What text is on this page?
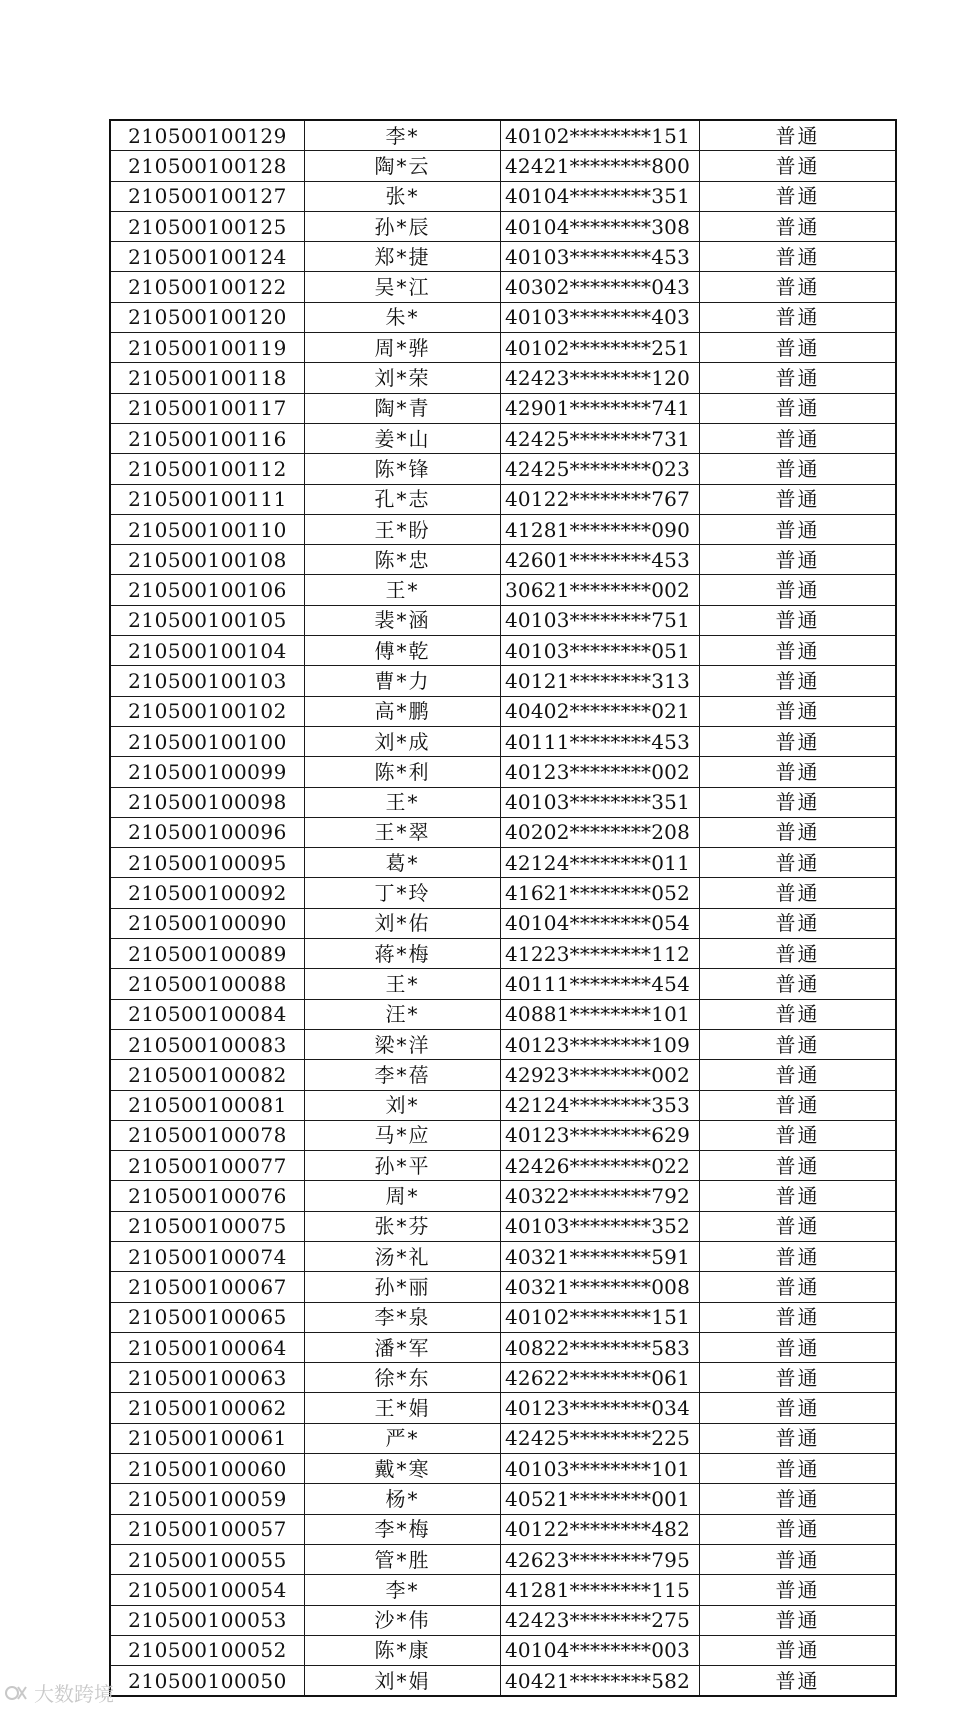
210500100129	李*	40102********151	普通
210500100128	陶*云	42421********800	普通
210500100127	张*	40104********351	普通
210500100125	孙*辰	40104********308	普通
210500100124	郑*捷	40103********453	普通
210500100122	吴*江	40302********043	普通
210500100120	朱*	40103********403	普通
210500100119	周*骅	40102********251	普通
210500100118	刘*荣	42423********120	普通
210500100117	陶*青	42901********741	普通
210500100116	姜*山	42425********731	普通
210500100112	陈*锋	42425********023	普通
210500100111	孔*志	40122********767	普通
210500100110	王*盼	41281********090	普通
210500100108	陈*忠	42601********453	普通
210500100106	王*	30621********002	普通
210500100105	裴*涵	40103********751	普通
210500100104	傅*乾	40103********051	普通
210500100103	曹*力	40121********313	普通
210500100102	高*鹏	40402********021	普通
210500100100	刘*成	40111********453	普通
210500100099	陈*利	40123********002	普通
210500100098	王*	40103********351	普通
210500100096	王*翠	40202********208	普通
210500100095	葛*	42124********011	普通
210500100092	丁*玲	41621********052	普通
210500100090	刘*佑	40104********054	普通
210500100089	蒋*梅	41223********112	普通
210500100088	王*	40111********454	普通
210500100084	汪*	40881********101	普通
210500100083	梁*洋	40123********109	普通
210500100082	李*蓓	42923********002	普通
210500100081	刘*	42124********353	普通
210500100078	马*应	40123********629	普通
210500100077	孙*平	42426********022	普通
210500100076	周*	40322********792	普通
210500100075	张*芬	40103********352	普通
210500100074	汤*礼	40321********591	普通
210500100067	孙*丽	40321********008	普通
210500100065	李*泉	40102********151	普通
210500100064	潘*军	40822********583	普通
210500100063	徐*东	42622********061	普通
210500100062	王*娟	40123********034	普通
210500100061	严*	42425********225	普通
210500100060	戴*寒	40103********101	普通
210500100059	杨*	40521********001	普通
210500100057	李*梅	40122********482	普通
210500100055	管*胜	42623********795	普通
210500100054	李*	41281********115	普通
210500100053	沙*伟	42423********275	普通
210500100052	陈*康	40104********003	普通
210500100050	刘*娟	40421********582	普通
大数跨境
